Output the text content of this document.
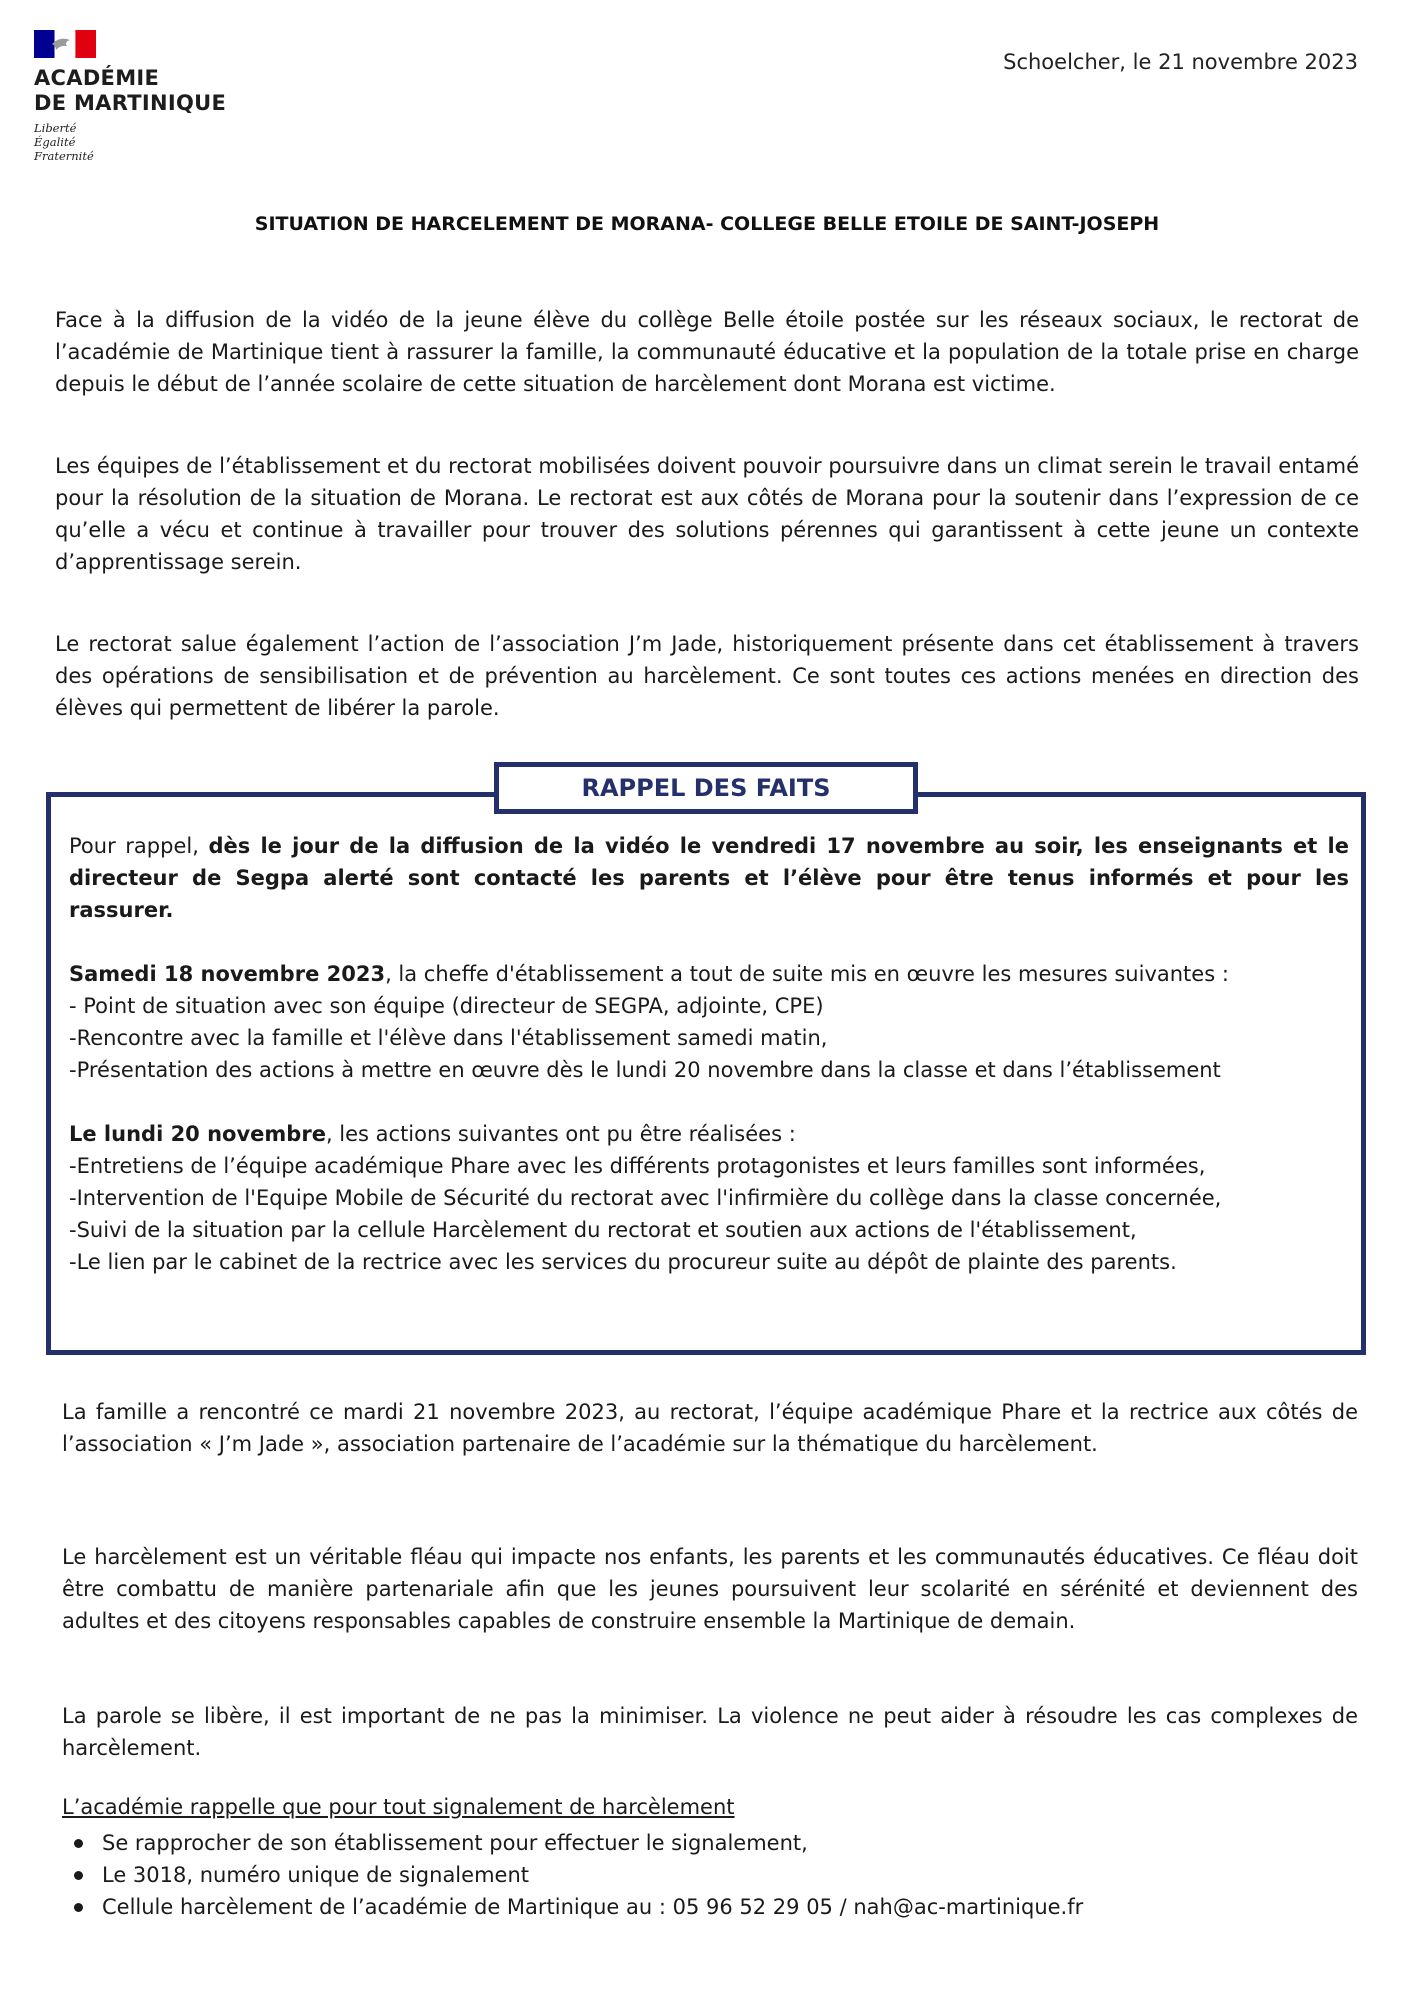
ACADÉMIE
DE MARTINIQUE
Liberté
Égalité
Fraternité
Schoelcher, le 21 novembre 2023
SITUATION DE HARCELEMENT DE MORANA- COLLEGE BELLE ETOILE DE SAINT-JOSEPH

Face à la diffusion de la vidéo de la jeune élève du collège Belle étoile postée sur les réseaux sociaux, le rectorat de l’académie de Martinique tient à rassurer la famille, la communauté éducative et la population de la totale prise en charge depuis le début de l’année scolaire de cette situation de harcèlement dont Morana est victime.

Les équipes de l’établissement et du rectorat mobilisées doivent pouvoir poursuivre dans un climat serein le travail entamé pour la résolution de la situation de Morana. Le rectorat est aux côtés de Morana pour la soutenir dans l’expression de ce qu’elle a vécu et continue à travailler pour trouver des solutions pérennes qui garantissent à cette jeune un contexte d’apprentissage serein.

Le rectorat salue également l’action de l’association J’m Jade, historiquement présente dans cet établissement à travers des opérations de sensibilisation et de prévention au harcèlement. Ce sont toutes ces actions menées en direction des élèves qui permettent de libérer la parole.

RAPPEL DES FAITS

Pour rappel, dès le jour de la diffusion de la vidéo le vendredi 17 novembre au soir, les enseignants et le directeur de Segpa alerté sont contacté les parents et l’élève pour être tenus informés et pour les rassurer.

Samedi 18 novembre 2023, la cheffe d'établissement a tout de suite mis en œuvre les mesures suivantes :

- Point de situation avec son équipe (directeur de SEGPA, adjointe, CPE)

-Rencontre avec la famille et l'élève dans l'établissement samedi matin,

-Présentation des actions à mettre en œuvre dès le lundi 20 novembre dans la classe et dans l’établissement

Le lundi 20 novembre, les actions suivantes ont pu être réalisées :

-Entretiens de l’équipe académique Phare avec les différents protagonistes et leurs familles sont informées,

-Intervention de l'Equipe Mobile de Sécurité du rectorat avec l'infirmière du collège dans la classe concernée,

-Suivi de la situation par la cellule Harcèlement du rectorat et soutien aux actions de l'établissement,

-Le lien par le cabinet de la rectrice avec les services du procureur suite au dépôt de plainte des parents.

La famille a rencontré ce mardi 21 novembre 2023, au rectorat, l’équipe académique Phare et la rectrice aux côtés de l’association « J’m Jade », association partenaire de l’académie sur la thématique du harcèlement.

Le harcèlement est un véritable fléau qui impacte nos enfants, les parents et les communautés éducatives. Ce fléau doit être combattu de manière partenariale afin que les jeunes poursuivent leur scolarité en sérénité et deviennent des adultes et des citoyens responsables capables de construire ensemble la Martinique de demain.

La parole se libère, il est important de ne pas la minimiser. La violence ne peut aider à résoudre les cas complexes de harcèlement.

L’académie rappelle que pour tout signalement de harcèlement
Se rapprocher de son établissement pour effectuer le signalement,
Le 3018, numéro unique de signalement
Cellule harcèlement de l’académie de Martinique au : 05 96 52 29 05 / nah@ac-martinique.fr
